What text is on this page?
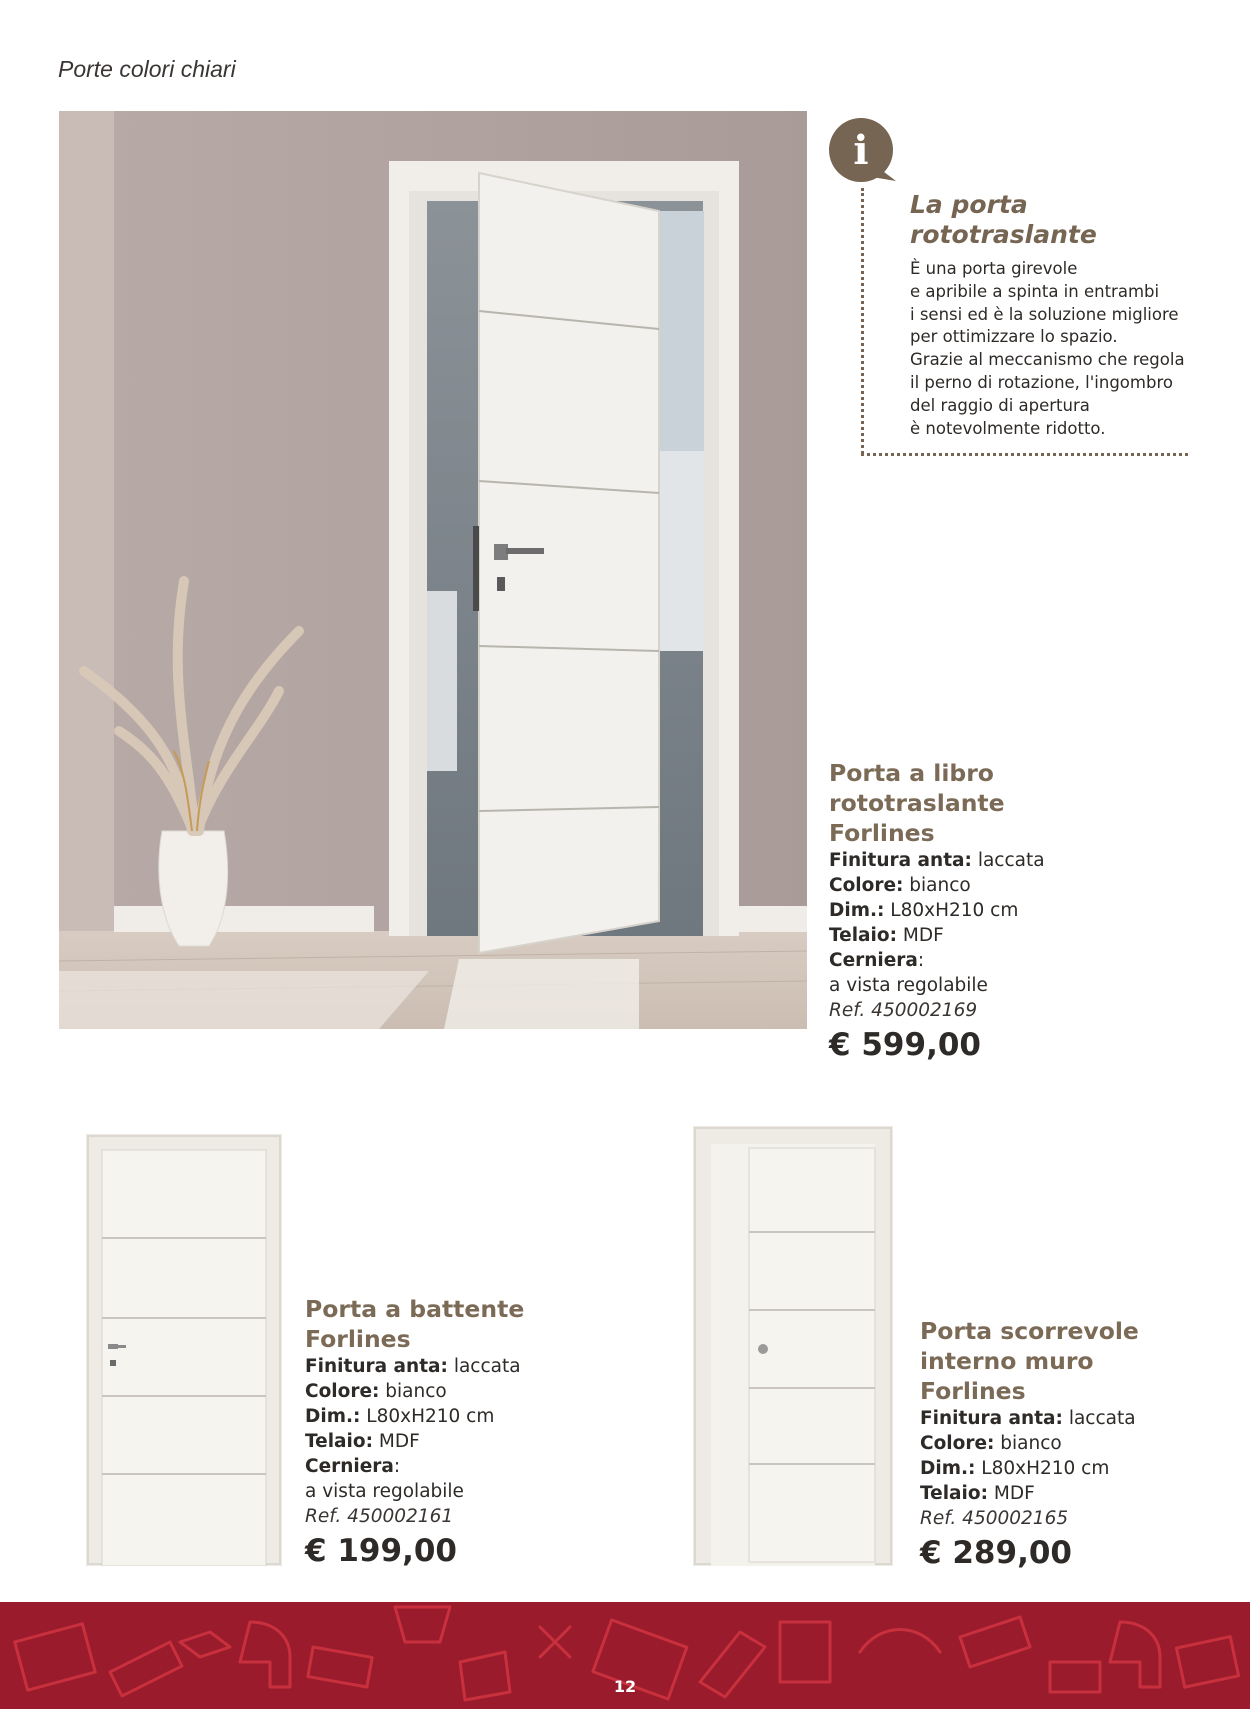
Porte colori chiari
i
La porta
rototraslante
È una porta girevole
e apribile a spinta in entrambi
i sensi ed è la soluzione migliore
per ottimizzare lo spazio.
Grazie al meccanismo che regola
il perno di rotazione, l'ingombro
del raggio di apertura
è notevolmente ridotto.
Porta a libro rototraslante
Forlines
Finitura anta: laccata
Colore: bianco
Dim.: L80xH210 cm
Telaio: MDF
Cerniera:
a vista regolabile
Ref. 450002169
€ 599,00
Porta a battente
Forlines
Finitura anta: laccata
Colore: bianco
Dim.: L80xH210 cm
Telaio: MDF
Cerniera:
a vista regolabile
Ref. 450002161
€ 199,00
Porta scorrevole
interno muro
Forlines
Finitura anta: laccata
Colore: bianco
Dim.: L80xH210 cm
Telaio: MDF
Ref. 450002165
€ 289,00
12
